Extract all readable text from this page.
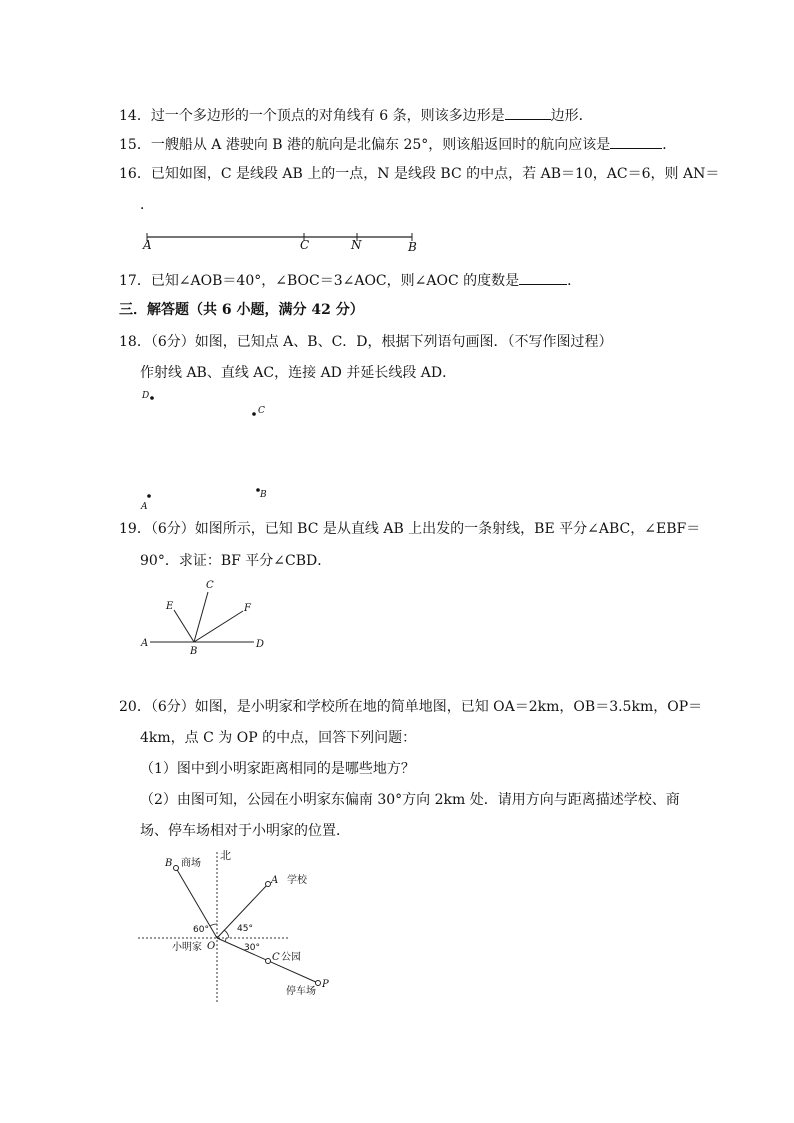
14．过一个多边形的一个顶点的对角线有 6 条，则该多边形是	边形．
15．一艘船从 A 港驶向 B 港的航向是北偏东 25°，则该船返回时的航向应该是	．
16．已知如图，C 是线段 AB 上的一点，N 是线段 BC 的中点，若 AB＝10，AC＝6，则 AN＝
．
A	C	N	B
17．已知∠AOB＝40°，∠BOC＝3∠AOC，则∠AOC 的度数是	．
三．解答题（共 6 小题，满分 42 分）
18．（6分）如图，已知点 A、B、C．D，根据下列语句画图．（不写作图过程）
作射线 AB、直线 AC，连接 AD 并延长线段 AD．
D
C
A
B
19．（6分）如图所示，已知 BC 是从直线 AB 上出发的一条射线，BE 平分∠ABC，∠EBF＝
90°．求证：BF 平分∠CBD．
A
B
C
D
E	F
20．（6分）如图，是小明家和学校所在地的简单地图，已知 OA＝2km，OB＝3.5km，OP＝
4km，点 C 为 OP 的中点，回答下列问题：
（1）图中到小明家距离相同的是哪些地方？
（2）由图可知，公园在小明家东偏南 30°方向 2km 处．请用方向与距离描述学校、商
场、停车场相对于小明家的位置．
北
B 商场
A 学校
60°	45°
30°
小明家 O
C 公园
停车场
P
